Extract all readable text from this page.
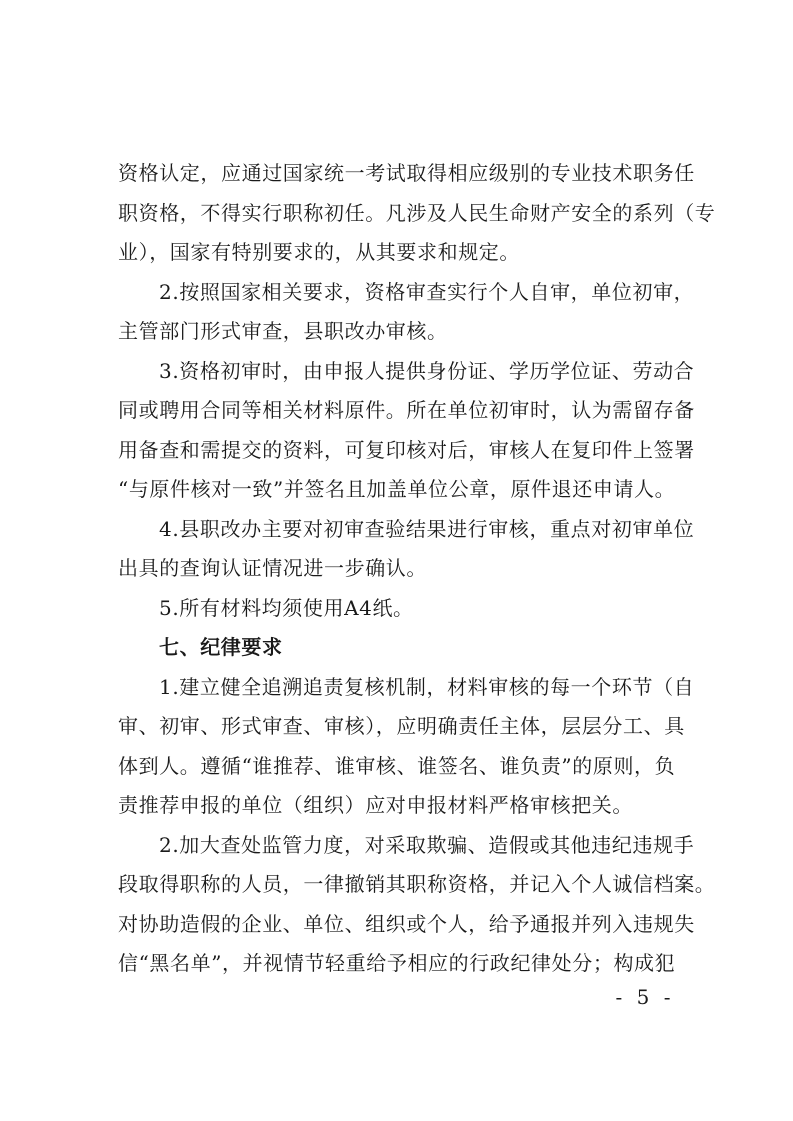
资格认定，应通过国家统一考试取得相应级别的专业技术职务任
职资格，不得实行职称初任。凡涉及人民生命财产安全的系列（专
业），国家有特别要求的，从其要求和规定。
2.按照国家相关要求，资格审查实行个人自审，单位初审，
主管部门形式审查，县职改办审核。
3.资格初审时，由申报人提供身份证、学历学位证、劳动合
同或聘用合同等相关材料原件。所在单位初审时，认为需留存备
用备查和需提交的资料，可复印核对后，审核人在复印件上签署
“与原件核对一致”并签名且加盖单位公章，原件退还申请人。
4.县职改办主要对初审查验结果进行审核，重点对初审单位
出具的查询认证情况进一步确认。
5.所有材料均须使用A4纸。
七、纪律要求
1.建立健全追溯追责复核机制，材料审核的每一个环节（自
审、初审、形式审查、审核），应明确责任主体，层层分工、具
体到人。遵循“谁推荐、谁审核、谁签名、谁负责”的原则，负
责推荐申报的单位（组织）应对申报材料严格审核把关。
2.加大查处监管力度，对采取欺骗、造假或其他违纪违规手
段取得职称的人员，一律撤销其职称资格，并记入个人诚信档案。
对协助造假的企业、单位、组织或个人，给予通报并列入违规失
信“黑名单”，并视情节轻重给予相应的行政纪律处分；构成犯
- 5 -
